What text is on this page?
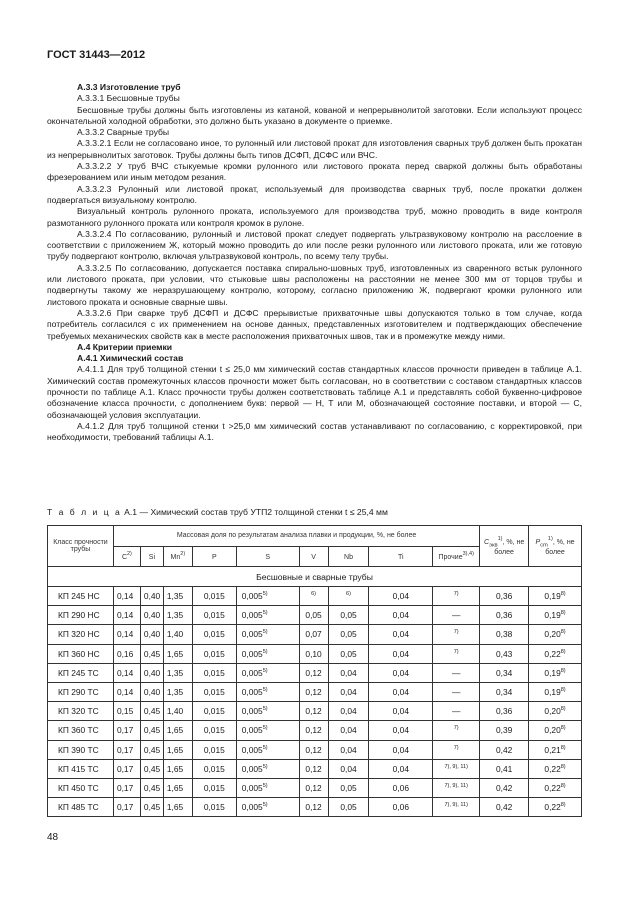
ГОСТ 31443—2012

А.3.3 Изготовление труб

А.3.3.1 Бесшовные трубы

Бесшовные трубы должны быть изготовлены из катаной, кованой и непрерывнолитой заготовки. Если используют процесс окончательной холодной обработки, это должно быть указано в документе о приемке.

А.3.3.2 Сварные трубы

А.3.3.2.1 Если не согласовано иное, то рулонный или листовой прокат для изготовления сварных труб должен быть прокатан из непрерывнолитых заготовок. Трубы должны быть типов ДСФП, ДСФС или ВЧС.

А.3.3.2.2 У труб ВЧС стыкуемые кромки рулонного или листового проката перед сваркой должны быть обработаны фрезерованием или иным методом резания.

А.3.3.2.3 Рулонный или листовой прокат, используемый для производства сварных труб, после прокатки должен подвергаться визуальному контролю.

Визуальный контроль рулонного проката, используемого для производства труб, можно проводить в виде контроля размотанного рулонного проката или контроля кромок в рулоне.

А.3.3.2.4 По согласованию, рулонный и листовой прокат следует подвергать ультразвуковому контролю на расслоение в соответствии с приложением Ж, который можно проводить до или после резки рулонного или листового проката, или же готовую трубу подвергают контролю, включая ультразвуковой контроль, по всему телу трубы.

А.3.3.2.5 По согласованию, допускается поставка спирально-шовных труб, изготовленных из сваренного встык рулонного или листового проката, при условии, что стыковые швы расположены на расстоянии не менее 300 мм от торцов трубы и подвергнуты такому же неразрушающему контролю, которому, согласно приложению Ж, подвергают кромки рулонного или листового проката и основные сварные швы.

А.3.3.2.6 При сварке труб ДСФП и ДСФС прерывистые прихваточные швы допускаются только в том случае, когда потребитель согласился с их применением на основе данных, представленных изготовителем и подтверждающих обеспечение требуемых механических свойств как в месте расположения прихваточных швов, так и в промежутке между ними.

А.4 Критерии приемки

А.4.1 Химический состав

А.4.1.1 Для труб толщиной стенки t ≤ 25,0 мм химический состав стандартных классов прочности приведен в таблице А.1. Химический состав промежуточных классов прочности может быть согласован, но в соответствии с составом стандартных классов прочности по таблице А.1. Класс прочности трубы должен соответствовать таблице А.1 и представлять собой буквенно-цифровое обозначение класса прочности, с дополнением букв: первой — Н, Т или М, обозначающей состояние поставки, и второй — С, обозначающей условия эксплуатации.

А.4.1.2 Для труб толщиной стенки t >25,0 мм химический состав устанавливают по согласованию, с корректировкой, при необходимости, требований таблицы А.1.

Т а б л и ц а А.1 — Химический состав труб УТП2 толщиной стенки t ≤ 25,4 мм
Класс прочности трубы	Массовая доля по результатам анализа плавки и продукции, %, не более									$C_{экв}^{1)}$, %, не более	$P_{cm}^{1)}$, %, не более
	$C^{2)}$	Si	Mn$^{2)}$	P	S	V	Nb	Ti	Прочие$^{3),4)}$
Бесшовные и сварные трубы											
КП 245 НС	0,14	0,40	1,35	0,015	0,005$^{5)}$	$^{6)}$	$^{6)}$	0,04	$^{7)}$	0,36	0,19$^{8)}$
КП 290 НС	0,14	0,40	1,35	0,015	0,005$^{5)}$	0,05	0,05	0,04	—	0,36	0,19$^{8)}$
КП 320 НС	0,14	0,40	1,40	0,015	0,005$^{5)}$	0,07	0,05	0,04	$^{7)}$	0,38	0,20$^{8)}$
КП 360 НС	0,16	0,45	1,65	0,015	0,005$^{5)}$	0,10	0,05	0,04	$^{7)}$	0,43	0,22$^{8)}$
КП 245 ТС	0,14	0,40	1,35	0,015	0,005$^{5)}$	0,12	0,04	0,04	—	0,34	0,19$^{8)}$
КП 290 ТС	0,14	0,40	1,35	0,015	0,005$^{5)}$	0,12	0,04	0,04	—	0,34	0,19$^{8)}$
КП 320 ТС	0,15	0,45	1,40	0,015	0,005$^{5)}$	0,12	0,04	0,04	—	0,36	0,20$^{8)}$
КП 360 ТС	0,17	0,45	1,65	0,015	0,005$^{5)}$	0,12	0,04	0,04	$^{7)}$	0,39	0,20$^{8)}$
КП 390 ТС	0,17	0,45	1,65	0,015	0,005$^{5)}$	0,12	0,04	0,04	$^{7)}$	0,42	0,21$^{8)}$
КП 415 ТС	0,17	0,45	1,65	0,015	0,005$^{5)}$	0,12	0,04	0,04	$^{7), 9), 11)}$	0,41	0,22$^{8)}$
КП 450 ТС	0,17	0,45	1,65	0,015	0,005$^{5)}$	0,12	0,05	0,06	$^{7), 9), 11)}$	0,42	0,22$^{8)}$
КП 485 ТС	0,17	0,45	1,65	0,015	0,005$^{5)}$	0,12	0,05	0,06	$^{7), 9), 11)}$	0,42	0,22$^{8)}$
48
